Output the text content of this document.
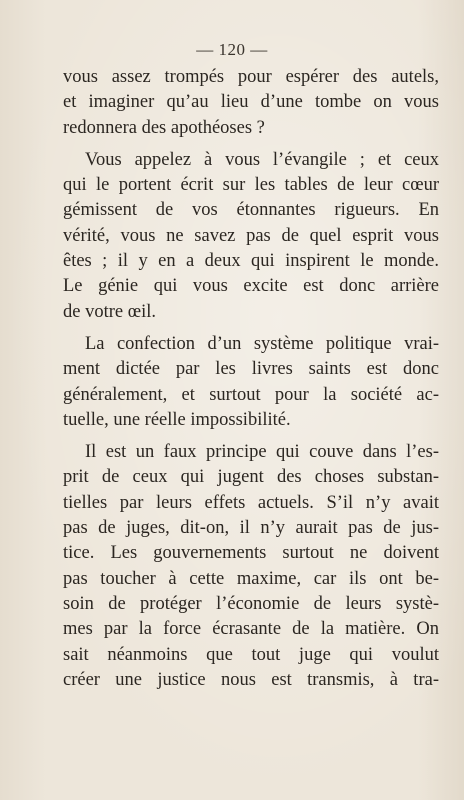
— 120 —
vous assez trompés pour espérer des autels,
et imaginer qu’au lieu d’une tombe on vous
redonnera des apothéoses ?
Vous appelez à vous l’évangile ; et ceux
qui le portent écrit sur les tables de leur cœur
gémissent de vos étonnantes rigueurs. En
vérité, vous ne savez pas de quel esprit vous
êtes ; il y en a deux qui inspirent le monde.
Le génie qui vous excite est donc arrière
de votre œil.
La confection d’un système politique vrai-
ment dictée par les livres saints est donc
généralement, et surtout pour la société ac-
tuelle, une réelle impossibilité.
Il est un faux principe qui couve dans l’es-
prit de ceux qui jugent des choses substan-
tielles par leurs effets actuels. S’il n’y avait
pas de juges, dit-on, il n’y aurait pas de jus-
tice. Les gouvernements surtout ne doivent
pas toucher à cette maxime, car ils ont be-
soin de protéger l’économie de leurs systè-
mes par la force écrasante de la matière. On
sait néanmoins que tout juge qui voulut
créer une justice nous est transmis, à tra-
